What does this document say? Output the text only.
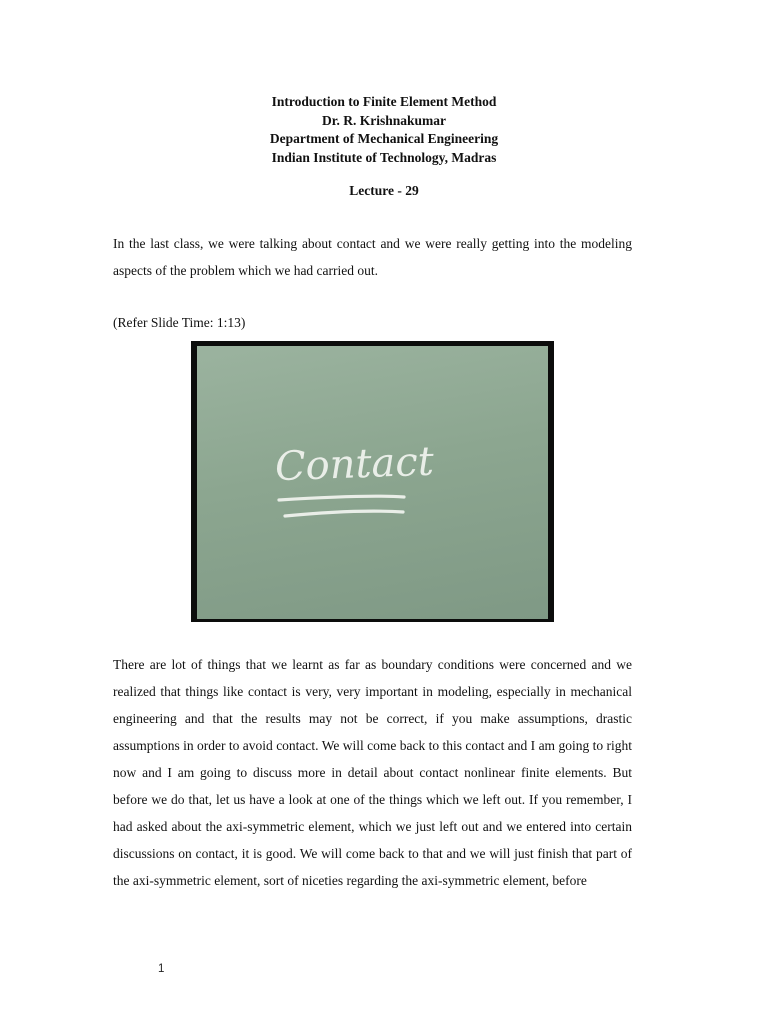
Introduction to Finite Element Method
Dr. R. Krishnakumar
Department of Mechanical Engineering
Indian Institute of Technology, Madras
Lecture - 29

In the last class, we were talking about contact and we were really getting into the modeling aspects of the problem which we had carried out.

(Refer Slide Time: 1:13)
Contact

There are lot of things that we learnt as far as boundary conditions were concerned and we realized that things like contact is very, very important in modeling, especially in mechanical engineering and that the results may not be correct, if you make assumptions, drastic assumptions in order to avoid contact. We will come back to this contact and I am going to right now and I am going to discuss more in detail about contact nonlinear finite elements. But before we do that, let us have a look at one of the things which we left out. If you remember, I had asked about the axi-symmetric element, which we just left out and we entered into certain discussions on contact, it is good. We will come back to that and we will just finish that part of the axi-symmetric element, sort of niceties regarding the axi-symmetric element, before

1
